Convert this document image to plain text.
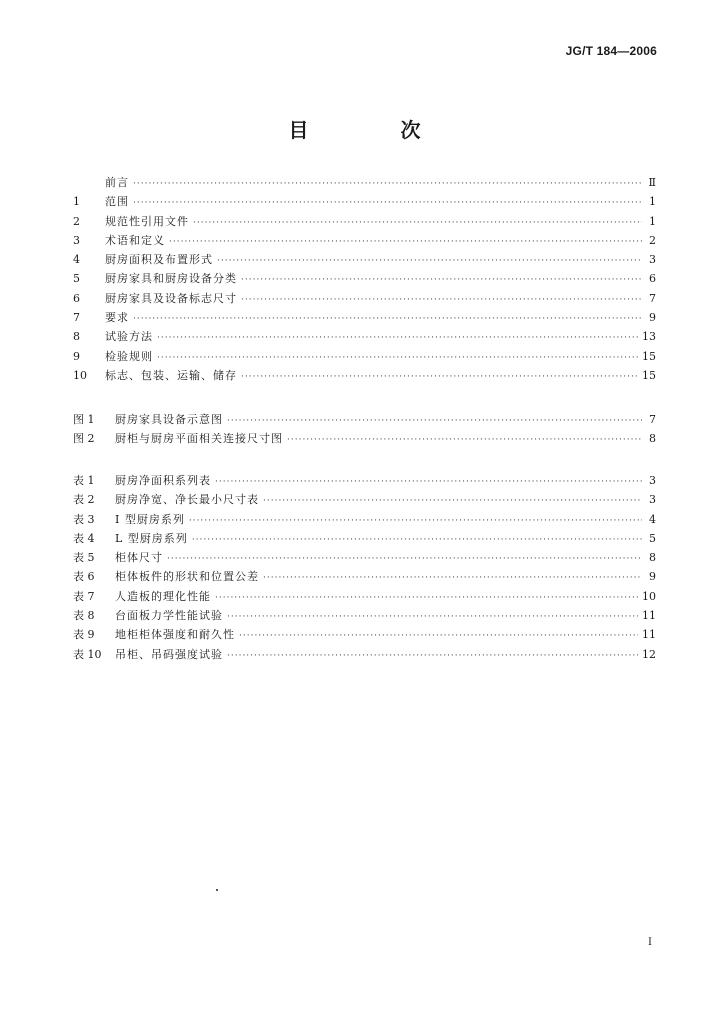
JG/T 184—2006
目　次
前言 ·····	Ⅱ
1	范围 ·····	1
2	规范性引用文件 ·····	1
3	术语和定义 ·····	2
4	厨房面积及布置形式 ·····	3
5	厨房家具和厨房设备分类 ·····	6
6	厨房家具及设备标志尺寸 ·····	7
7	要求 ·····	9
8	试验方法 ·····	13
9	检验规则 ·····	15
10	标志、包装、运输、储存 ·····	15
图 1	厨房家具设备示意图 ·····	7
图 2	厨柜与厨房平面相关连接尺寸图 ·····	8
表 1	厨房净面积系列表 ·····	3
表 2	厨房净宽、净长最小尺寸表 ·····	3
表 3	I 型厨房系列 ·····	4
表 4	L 型厨房系列 ·····	5
表 5	柜体尺寸 ·····	8
表 6	柜体板件的形状和位置公差 ·····	9
表 7	人造板的理化性能 ·····	10
表 8	台面板力学性能试验 ·····	11
表 9	地柜柜体强度和耐久性 ·····	11
表 10	吊柜、吊码强度试验 ·····	12
I
